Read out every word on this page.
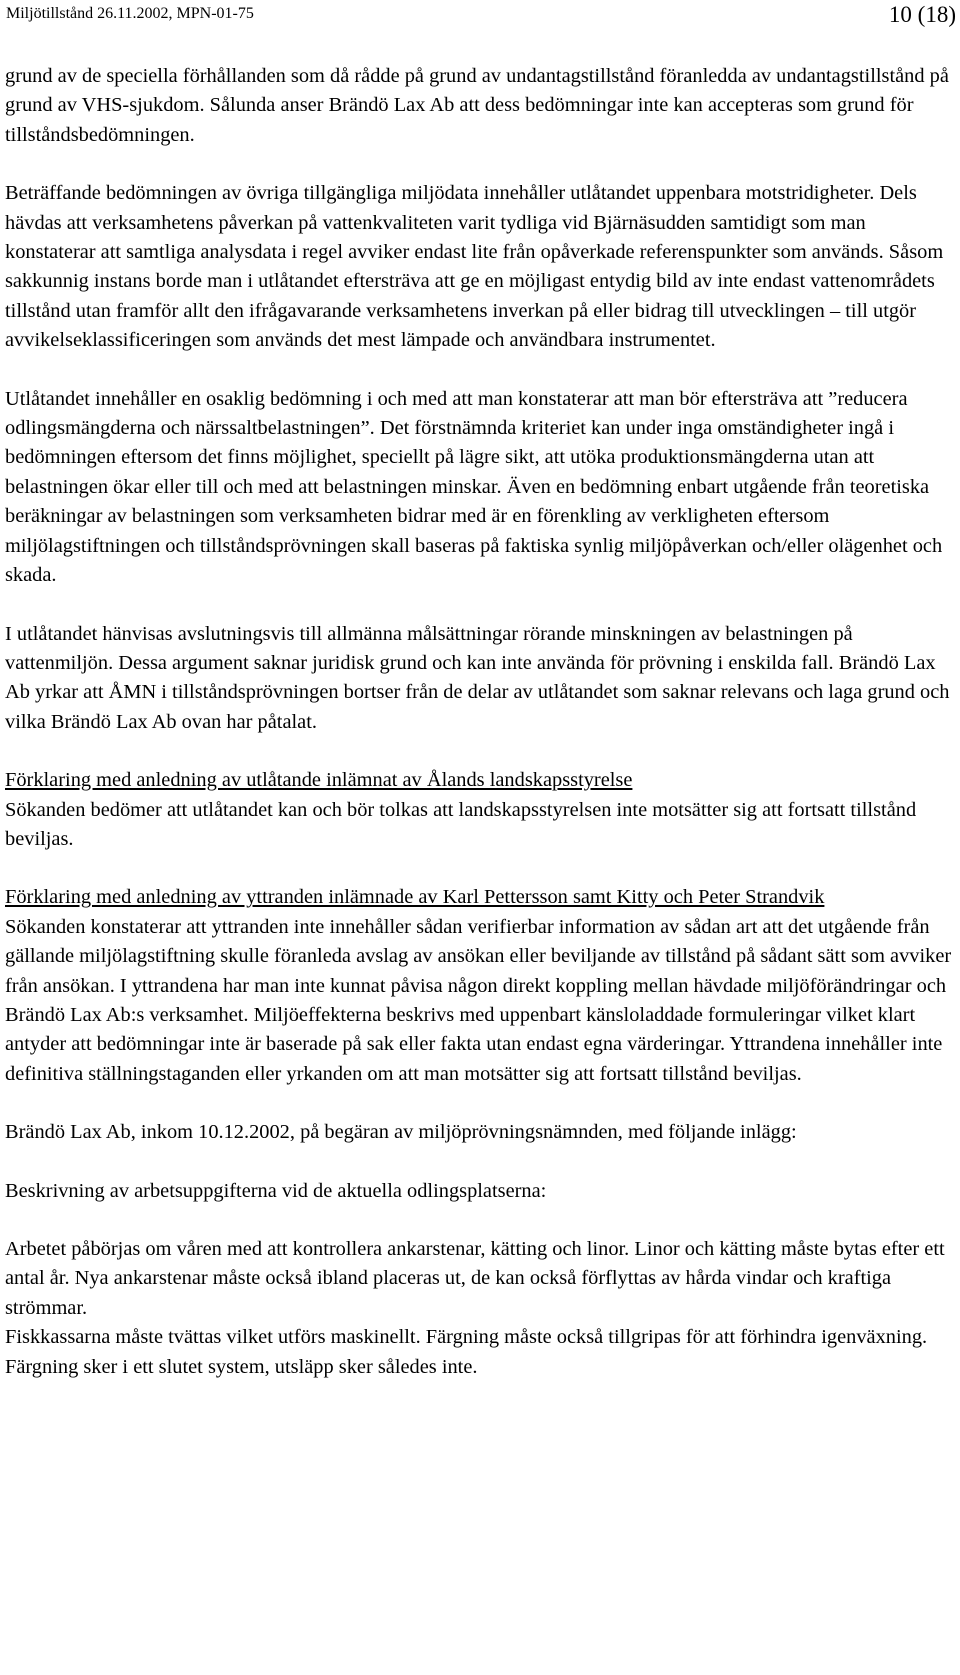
Miljötillstånd 26.11.2002, MPN-01-75	10 (18)

grund av de speciella förhållanden som då rådde på grund av undantagstillstånd föranledda av undantagstillstånd på grund av VHS-sjukdom. Sålunda anser Brändö Lax Ab att dess bedömningar inte kan accepteras som grund för tillståndsbedömningen.

Beträffande bedömningen av övriga tillgängliga miljödata innehåller utlåtandet uppenbara motstridigheter. Dels hävdas att verksamhetens påverkan på vattenkvaliteten varit tydliga vid Bjärnäsudden samtidigt som man konstaterar att samtliga analysdata i regel avviker endast lite från opåverkade referenspunkter som används. Såsom sakkunnig instans borde man i utlåtandet eftersträva att ge en möjligast entydig bild av inte endast vattenområdets tillstånd utan framför allt den ifrågavarande verksamhetens inverkan på eller bidrag till utvecklingen – till utgör avvikelseklassificeringen som används det mest lämpade och användbara instrumentet.

Utlåtandet innehåller en osaklig bedömning i och med att man konstaterar att man bör eftersträva att ”reducera odlingsmängderna och närssaltbelastningen”. Det förstnämnda kriteriet kan under inga omständigheter ingå i bedömningen eftersom det finns möjlighet, speciellt på lägre sikt, att utöka produktionsmängderna utan att belastningen ökar eller till och med att belastningen minskar. Även en bedömning enbart utgående från teoretiska beräkningar av belastningen som verksamheten bidrar med är en förenkling av verkligheten eftersom miljölagstiftningen och tillståndsprövningen skall baseras på faktiska synlig miljöpåverkan och/eller olägenhet och skada.

I utlåtandet hänvisas avslutningsvis till allmänna målsättningar rörande minskningen av belastningen på vattenmiljön. Dessa argument saknar juridisk grund och kan inte använda för prövning i enskilda fall. Brändö Lax Ab yrkar att ÅMN i tillståndsprövningen bortser från de delar av utlåtandet som saknar relevans och laga grund och vilka Brändö Lax Ab ovan har påtalat.

Förklaring med anledning av utlåtande inlämnat av Ålands landskapsstyrelse

Sökanden bedömer att utlåtandet kan och bör tolkas att landskapsstyrelsen inte motsätter sig att fortsatt tillstånd beviljas.

Förklaring med anledning av yttranden inlämnade av Karl Pettersson samt Kitty och Peter Strandvik

Sökanden konstaterar att yttranden inte innehåller sådan verifierbar information av sådan art att det utgående från gällande miljölagstiftning skulle föranleda avslag av ansökan eller beviljande av tillstånd på sådant sätt som avviker från ansökan. I yttrandena har man inte kunnat påvisa någon direkt koppling mellan hävdade miljöförändringar och Brändö Lax Ab:s verksamhet. Miljöeffekterna beskrivs med uppenbart känsloladdade formuleringar vilket klart antyder att bedömningar inte är baserade på sak eller fakta utan endast egna värderingar. Yttrandena innehåller inte definitiva ställningstaganden eller yrkanden om att man motsätter sig att fortsatt tillstånd beviljas.

Brändö Lax Ab, inkom 10.12.2002, på begäran av miljöprövningsnämnden, med följande inlägg:

Beskrivning av arbetsuppgifterna vid de aktuella odlingsplatserna:

Arbetet påbörjas om våren med att kontrollera ankarstenar, kätting och linor. Linor och kätting måste bytas efter ett antal år. Nya ankarstenar måste också ibland placeras ut, de kan också förflyttas av hårda vindar och kraftiga strömmar.

Fiskkassarna måste tvättas vilket utförs maskinellt. Färgning måste också tillgripas för att förhindra igenväxning. Färgning sker i ett slutet system, utsläpp sker således inte.
